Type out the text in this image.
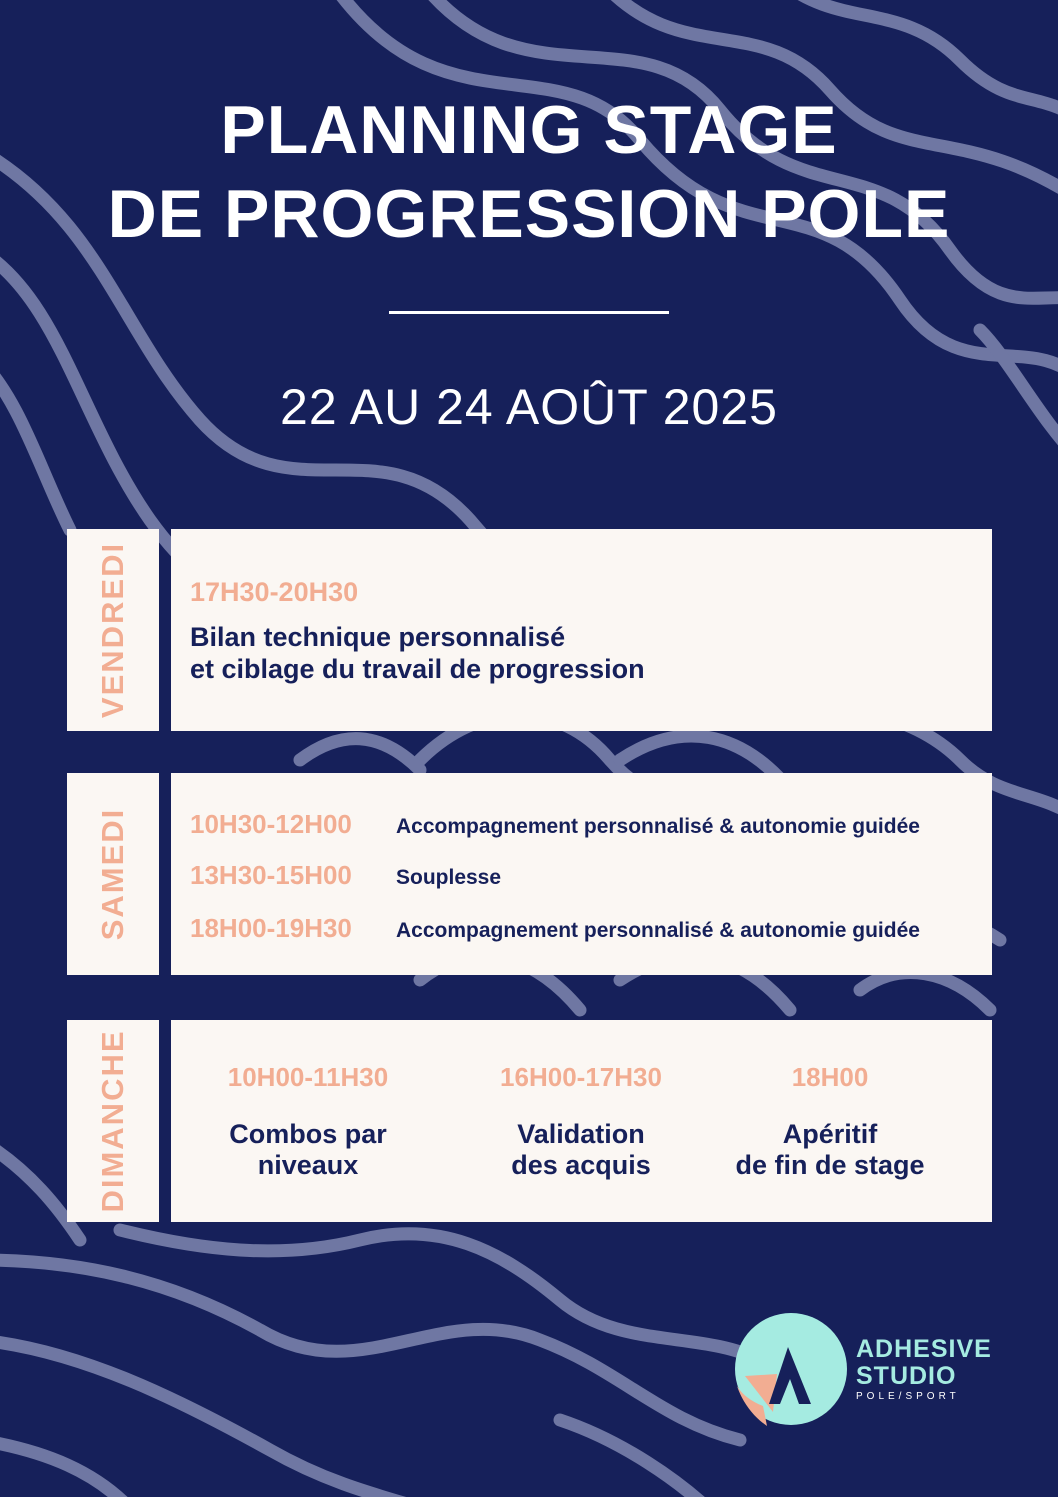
PLANNING STAGE
DE PROGRESSION POLE
22 AU 24 AOÛT 2025
VENDREDI 17H30-20H30
Bilan technique personnalisé
et ciblage du travail de progression
SAMEDI 10H30-12H00	Accompagnement personnalisé & autonomie guidée
13H30-15H00	Souplesse
18H00-19H30	Accompagnement personnalisé & autonomie guidée
DIMANCHE	10H00-11H30
Combos par
niveaux
16H00-17H30
Validation
des acquis
18H00
Apéritif
de fin de stage
ADHESIVE
STUDIO
POLE/SPORT
